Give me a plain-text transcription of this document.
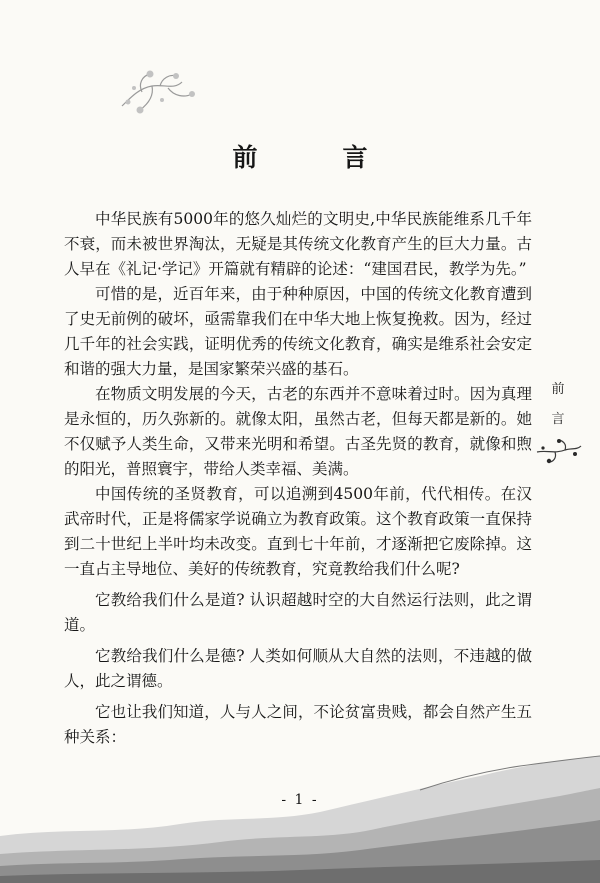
前　言

中华民族有5000年的悠久灿烂的文明史,中华民族能维系几千年不衰，而未被世界淘汰，无疑是其传统文化教育产生的巨大力量。古人早在《礼记·学记》开篇就有精辟的论述：“建国君民，教学为先。”

可惜的是，近百年来，由于种种原因，中国的传统文化教育遭到了史无前例的破坏，亟需靠我们在中华大地上恢复挽救。因为，经过几千年的社会实践，证明优秀的传统文化教育，确实是维系社会安定和谐的强大力量，是国家繁荣兴盛的基石。

在物质文明发展的今天，古老的东西并不意味着过时。因为真理是永恒的，历久弥新的。就像太阳，虽然古老，但每天都是新的。她不仅赋予人类生命，又带来光明和希望。古圣先贤的教育，就像和煦的阳光，普照寰宇，带给人类幸福、美满。

中国传统的圣贤教育，可以追溯到4500年前，代代相传。在汉武帝时代，正是将儒家学说确立为教育政策。这个教育政策一直保持到二十世纪上半叶均未改变。直到七十年前，才逐渐把它废除掉。这一直占主导地位、美好的传统教育，究竟教给我们什么呢?

它教给我们什么是道? 认识超越时空的大自然运行法则，此之谓道。

它教给我们什么是德? 人类如何顺从大自然的法则，不违越的做人，此之谓德。

它也让我们知道，人与人之间，不论贫富贵贱，都会自然产生五种关系：

前
言
- 1 -
